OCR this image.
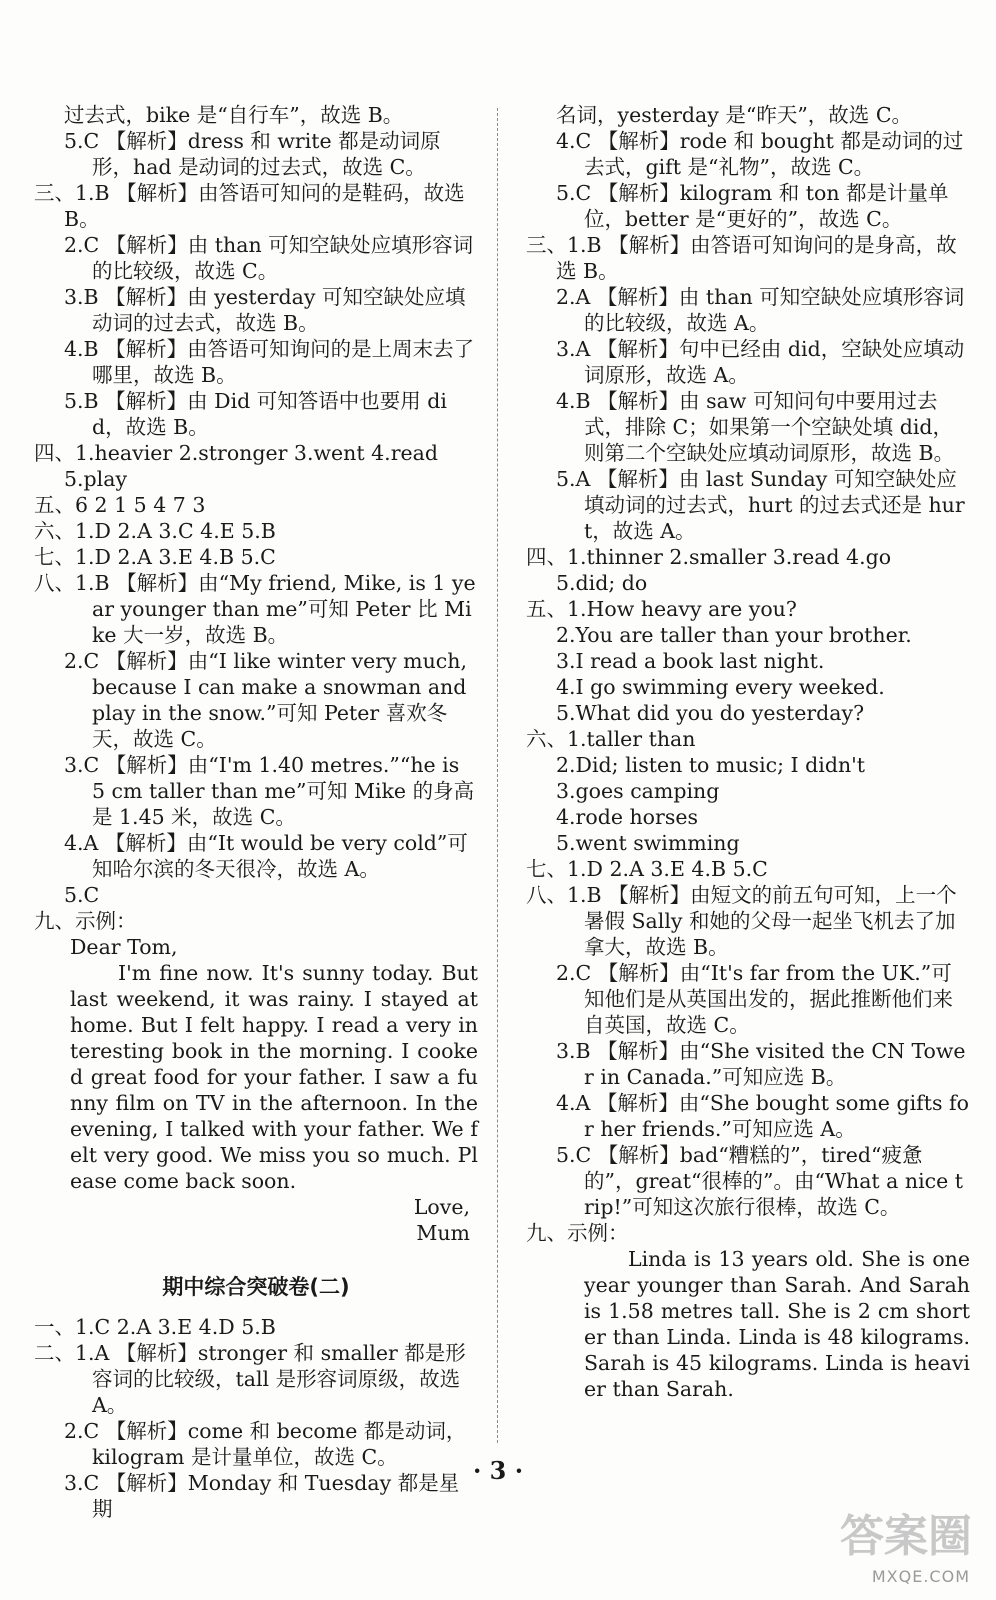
过去式，bike 是“自行车”，故选 B。

5.C 【解析】dress 和 write 都是动词原形，had 是动词的过去式，故选 C。

三、1.B 【解析】由答语可知问的是鞋码，故选 B。

2.C 【解析】由 than 可知空缺处应填形容词的比较级，故选 C。

3.B 【解析】由 yesterday 可知空缺处应填动词的过去式，故选 B。

4.B 【解析】由答语可知询问的是上周末去了哪里，故选 B。

5.B 【解析】由 Did 可知答语中也要用 did，故选 B。

四、1.heavier 2.stronger 3.went 4.read

5.play

五、6 2 1 5 4 7 3

六、1.D 2.A 3.C 4.E 5.B

七、1.D 2.A 3.E 4.B 5.C

八、1.B 【解析】由“My friend, Mike, is 1 year younger than me”可知 Peter 比 Mike 大一岁，故选 B。

2.C 【解析】由“I like winter very much, because I can make a snowman and play in the snow.”可知 Peter 喜欢冬天，故选 C。

3.C 【解析】由“I'm 1.40 metres.”“he is 5 cm taller than me”可知 Mike 的身高是 1.45 米，故选 C。

4.A 【解析】由“It would be very cold”可知哈尔滨的冬天很冷，故选 A。

5.C

九、示例：

Dear Tom,

I'm fine now. It's sunny today. But last weekend, it was rainy. I stayed at home. But I felt happy. I read a very interesting book in the morning. I cooked great food for your father. I saw a funny film on TV in the afternoon. In the evening, I talked with your father. We felt very good. We miss you so much. Please come back soon.

Love,

Mum

期中综合突破卷(二)

一、1.C 2.A 3.E 4.D 5.B

二、1.A 【解析】stronger 和 smaller 都是形容词的比较级，tall 是形容词原级，故选 A。

2.C 【解析】come 和 become 都是动词，kilogram 是计量单位，故选 C。

3.C 【解析】Monday 和 Tuesday 都是星期

名词，yesterday 是“昨天”，故选 C。

4.C 【解析】rode 和 bought 都是动词的过去式，gift 是“礼物”，故选 C。

5.C 【解析】kilogram 和 ton 都是计量单位，better 是“更好的”，故选 C。

三、1.B 【解析】由答语可知询问的是身高，故选 B。

2.A 【解析】由 than 可知空缺处应填形容词的比较级，故选 A。

3.A 【解析】句中已经由 did，空缺处应填动词原形，故选 A。

4.B 【解析】由 saw 可知问句中要用过去式，排除 C；如果第一个空缺处填 did，则第二个空缺处应填动词原形，故选 B。

5.A 【解析】由 last Sunday 可知空缺处应填动词的过去式，hurt 的过去式还是 hurt，故选 A。

四、1.thinner 2.smaller 3.read 4.go

5.did; do

五、1.How heavy are you?

2.You are taller than your brother.

3.I read a book last night.

4.I go swimming every weeked.

5.What did you do yesterday?

六、1.taller than

2.Did; listen to music; I didn't

3.goes camping

4.rode horses

5.went swimming

七、1.D 2.A 3.E 4.B 5.C

八、1.B 【解析】由短文的前五句可知，上一个暑假 Sally 和她的父母一起坐飞机去了加拿大，故选 B。

2.C 【解析】由“It's far from the UK.”可知他们是从英国出发的，据此推断他们来自英国，故选 C。

3.B 【解析】由“She visited the CN Tower in Canada.”可知应选 B。

4.A 【解析】由“She bought some gifts for her friends.”可知应选 A。

5.C 【解析】bad“糟糕的”，tired“疲惫的”，great“很棒的”。由“What a nice trip!”可知这次旅行很棒，故选 C。

九、示例：

Linda is 13 years old. She is one year younger than Sarah. And Sarah is 1.58 metres tall. She is 2 cm shorter than Linda. Linda is 48 kilograms. Sarah is 45 kilograms. Linda is heavier than Sarah.

· 3 ·
答案圈
MXQE.COM
